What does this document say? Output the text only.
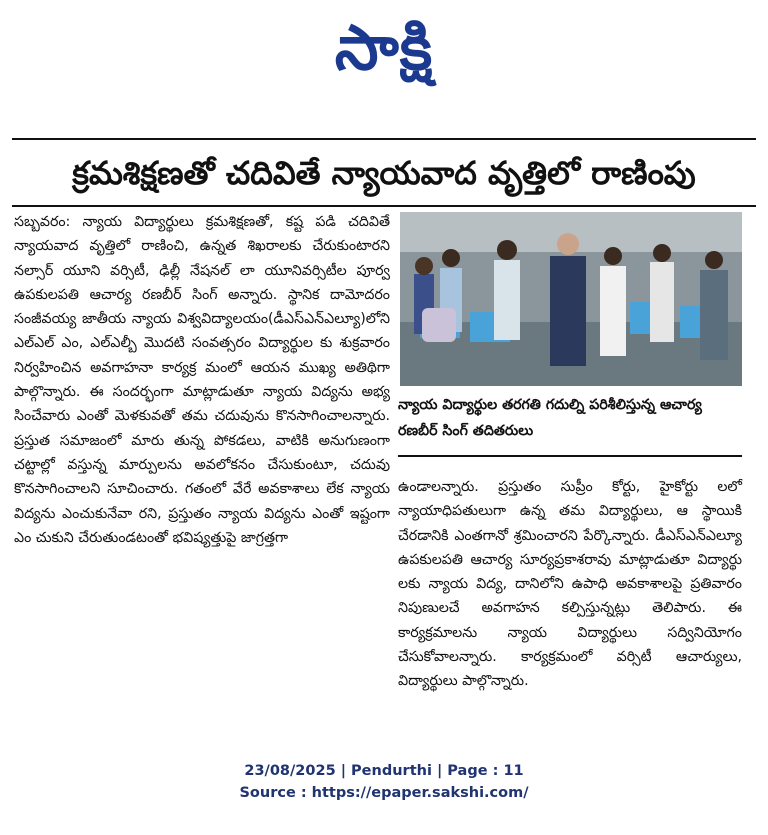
సాక్షి
క్రమశిక్షణతో చదివితే న్యాయవాద వృత్తిలో రాణింపు

సబ్బవరం: న్యాయ విద్యార్థులు క్రమశిక్షణతో, కష్ట పడి చదివితే న్యాయవాద వృత్తిలో రాణించి, ఉన్నత శిఖరాలకు చేరుకుంటారని నల్సార్ యూని వర్సిటీ, ఢిల్లీ నేషనల్ లా యూనివర్సిటీల పూర్వ ఉపకులపతి ఆచార్య రణబీర్ సింగ్ అన్నారు. స్థానిక దామోదరం సంజీవయ్య జాతీయ న్యాయ విశ్వవిద్యాలయం(డీఎస్ఎన్ఎల్యూ)లోని ఎల్ఎల్ ఎం, ఎల్ఎల్బీ మొదటి సంవత్సరం విద్యార్థుల కు శుక్రవారం నిర్వహించిన అవగాహనా కార్యక్ర మంలో ఆయన ముఖ్య అతిథిగా పాల్గొన్నారు. ఈ సందర్భంగా మాట్లాడుతూ న్యాయ విద్యను అభ్య సించేవారు ఎంతో మెళకువతో తమ చదువును కొనసాగించాలన్నారు. ప్రస్తుత సమాజంలో మారు తున్న పోకడలు, వాటికి అనుగుణంగా చట్టాల్లో వస్తున్న మార్పులను అవలోకనం చేసుకుంటూ, చదువు కొనసాగించాలని సూచించారు. గతంలో వేరే అవకాశాలు లేక న్యాయ విద్యను ఎంచుకునేవా రని, ప్రస్తుతం న్యాయ విద్యను ఎంతో ఇష్టంగా ఎం చుకుని చేరుతుండటంతో భవిష్యత్తుపై జాగ్రత్తగా

న్యాయ విద్యార్థుల తరగతి గదుల్ని పరిశీలిస్తున్న ఆచార్య రణబీర్ సింగ్ తదితరులు

ఉండాలన్నారు. ప్రస్తుతం సుప్రీం కోర్టు, హైకోర్టు లలో న్యాయాధిపతులుగా ఉన్న తమ విద్యార్థులు, ఆ స్థాయికి చేరడానికి ఎంతగానో శ్రమించారని పేర్కొన్నారు. డీఎస్ఎన్ఎల్యూ ఉపకులపతి ఆచార్య సూర్యప్రకాశరావు మాట్లాడుతూ విద్యార్థు లకు న్యాయ విద్య, దానిలోని ఉపాధి అవకాశాలపై ప్రతివారం నిపుణులచే అవగాహన కల్పిస్తున్నట్లు తెలిపారు. ఈ కార్యక్రమాలను న్యాయ విద్యార్థులు సద్వినియోగం చేసుకోవాలన్నారు. కార్యక్రమంలో వర్సిటీ ఆచార్యులు, విద్యార్థులు పాల్గొన్నారు.

23/08/2025 | Pendurthi | Page : 11
Source : https://epaper.sakshi.com/
